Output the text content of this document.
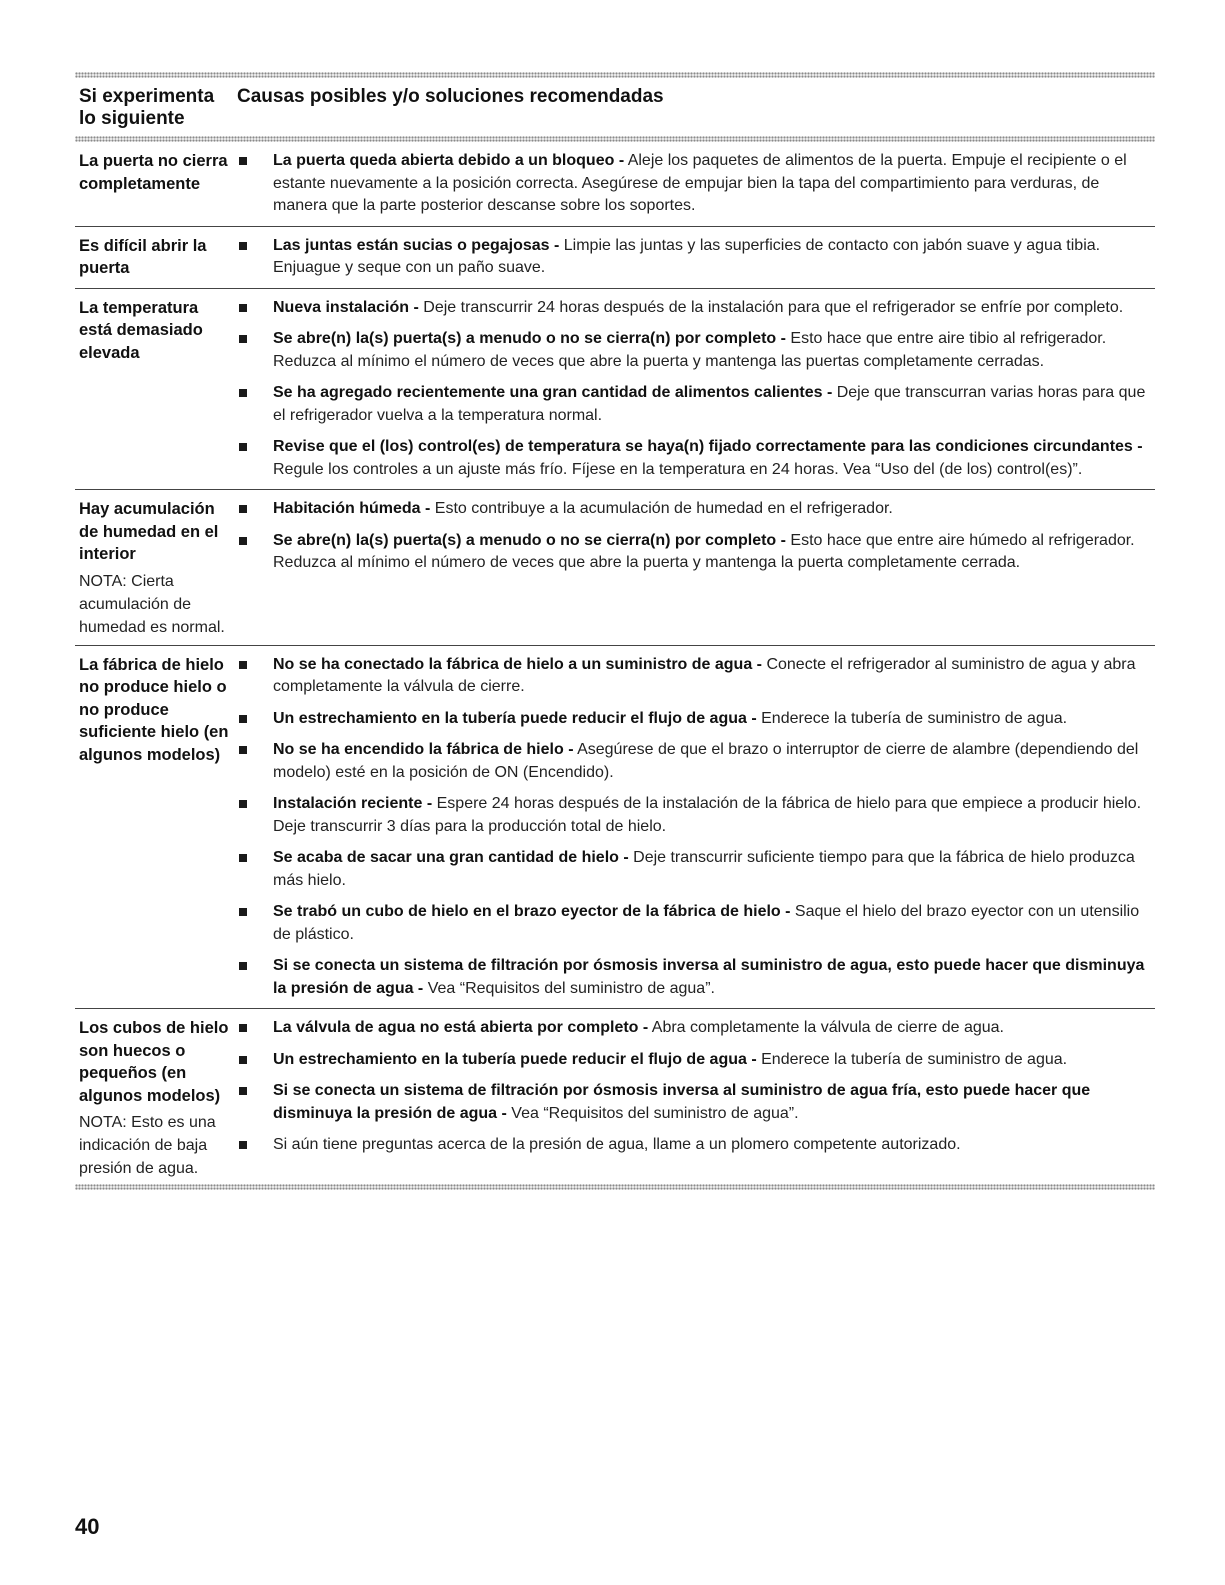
Si experimenta lo siguiente
Causas posibles y/o soluciones recomendadas
La puerta no cierra completamente
La puerta queda abierta debido a un bloqueo - Aleje los paquetes de alimentos de la puerta. Empuje el recipiente o el estante nuevamente a la posición correcta. Asegúrese de empujar bien la tapa del compartimiento para verduras, de manera que la parte posterior descanse sobre los soportes.
Es difícil abrir la puerta
Las juntas están sucias o pegajosas - Limpie las juntas y las superficies de contacto con jabón suave y agua tibia. Enjuague y seque con un paño suave.
La temperatura está demasiado elevada
Nueva instalación - Deje transcurrir 24 horas después de la instalación para que el refrigerador se enfríe por completo.
Se abre(n) la(s) puerta(s) a menudo o no se cierra(n) por completo - Esto hace que entre aire tibio al refrigerador. Reduzca al mínimo el número de veces que abre la puerta y mantenga las puertas completamente cerradas.
Se ha agregado recientemente una gran cantidad de alimentos calientes - Deje que transcurran varias horas para que el refrigerador vuelva a la temperatura normal.
Revise que el (los) control(es) de temperatura se haya(n) fijado correctamente para las condiciones circundantes - Regule los controles a un ajuste más frío. Fíjese en la temperatura en 24 horas. Vea “Uso del (de los) control(es)”.
Hay acumulación de humedad en el interior
NOTA: Cierta acumulación de humedad es normal.
Habitación húmeda - Esto contribuye a la acumulación de humedad en el refrigerador.
Se abre(n) la(s) puerta(s) a menudo o no se cierra(n) por completo - Esto hace que entre aire húmedo al refrigerador. Reduzca al mínimo el número de veces que abre la puerta y mantenga la puerta completamente cerrada.
La fábrica de hielo no produce hielo o no produce suficiente hielo (en algunos modelos)
No se ha conectado la fábrica de hielo a un suministro de agua - Conecte el refrigerador al suministro de agua y abra completamente la válvula de cierre.
Un estrechamiento en la tubería puede reducir el flujo de agua - Enderece la tubería de suministro de agua.
No se ha encendido la fábrica de hielo - Asegúrese de que el brazo o interruptor de cierre de alambre (dependiendo del modelo) esté en la posición de ON (Encendido).
Instalación reciente - Espere 24 horas después de la instalación de la fábrica de hielo para que empiece a producir hielo. Deje transcurrir 3 días para la producción total de hielo.
Se acaba de sacar una gran cantidad de hielo - Deje transcurrir suficiente tiempo para que la fábrica de hielo produzca más hielo.
Se trabó un cubo de hielo en el brazo eyector de la fábrica de hielo - Saque el hielo del brazo eyector con un utensilio de plástico.
Si se conecta un sistema de filtración por ósmosis inversa al suministro de agua, esto puede hacer que disminuya la presión de agua - Vea “Requisitos del suministro de agua”.
Los cubos de hielo son huecos o pequeños (en algunos modelos)
NOTA: Esto es una indicación de baja presión de agua.
La válvula de agua no está abierta por completo - Abra completamente la válvula de cierre de agua.
Un estrechamiento en la tubería puede reducir el flujo de agua - Enderece la tubería de suministro de agua.
Si se conecta un sistema de filtración por ósmosis inversa al suministro de agua fría, esto puede hacer que disminuya la presión de agua - Vea “Requisitos del suministro de agua”.
Si aún tiene preguntas acerca de la presión de agua, llame a un plomero competente autorizado.
40
